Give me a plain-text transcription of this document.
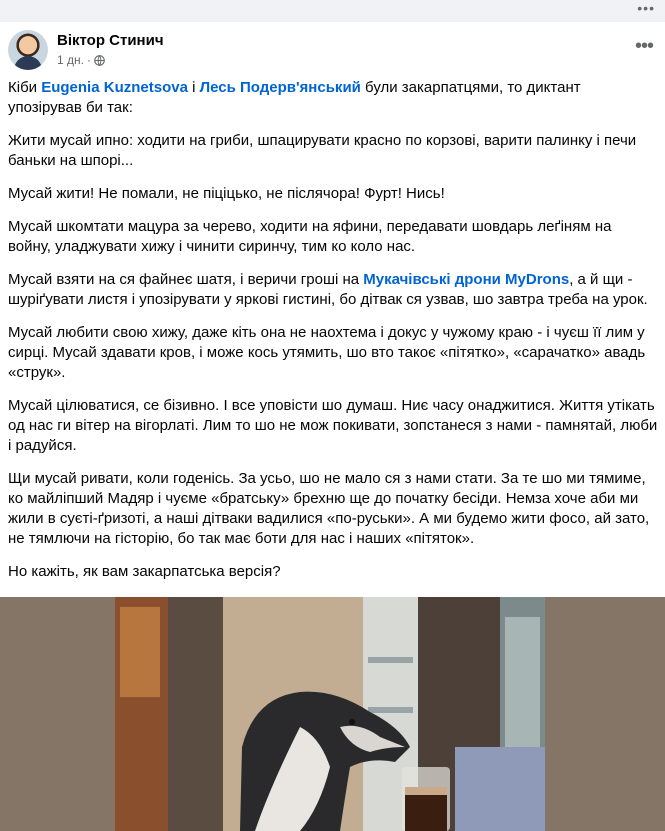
•••
Віктор Стинич
1 дн. ·
•••

Кіби Eugenia Kuznetsova і Лесь Подерв'янський були закарпатцями, то диктант упозірував би так:

Жити мусай ипно: ходити на гриби, шпацирувати красно по корзові, варити палинку і печи баньки на шпорі...

Мусай жити! Не помали, не піціцько, не післячора! Фурт! Нись!

Мусай шкомтати мацура за черево, ходити на яфини, передавати шовдарь леґіням на войну, уладжувати хижу і чинити сиринчу, тим ко коло нас.

Мусай взяти на ся файнеє шатя, і веричи гроші на Мукачівські дрони MyDrons, а й щи - шуріґувати листя і упозірувати у яркові гистині, бо дітвак ся узвав, шо завтра треба на урок.

Мусай любити свою хижу, даже кіть она не наохтема і докус у чужому краю - і чуєш її лим у сирці. Мусай здавати кров, і може кось утямить, шо вто такоє «пітятко», «сарачатко» авадь «струк».

Мусай цілюватися, се бізивно. І все уповісти шо думаш. Ниє часу онаджитися. Життя утікать од нас ги вітер на вігорлаті. Лим то шо не мож покивати, зопстанеся з нами - памнятай, люби і радуйся.

Щи мусай ривати, коли годенісь. За усьо, шо не мало ся з нами стати. За те шо ми тямиме, ко майліпший Мадяр і чуєме «братську» брехню ще до початку бесіди. Немза хоче аби ми жили в суєті-ґризоті, а наші дітваки вадилися «по-руськи». А ми будемо жити фосо, ай зато, не тямлючи на гісторію, бо так має боти для нас і наших «пітяток».

Но кажіть, як вам закарпатська версія?
